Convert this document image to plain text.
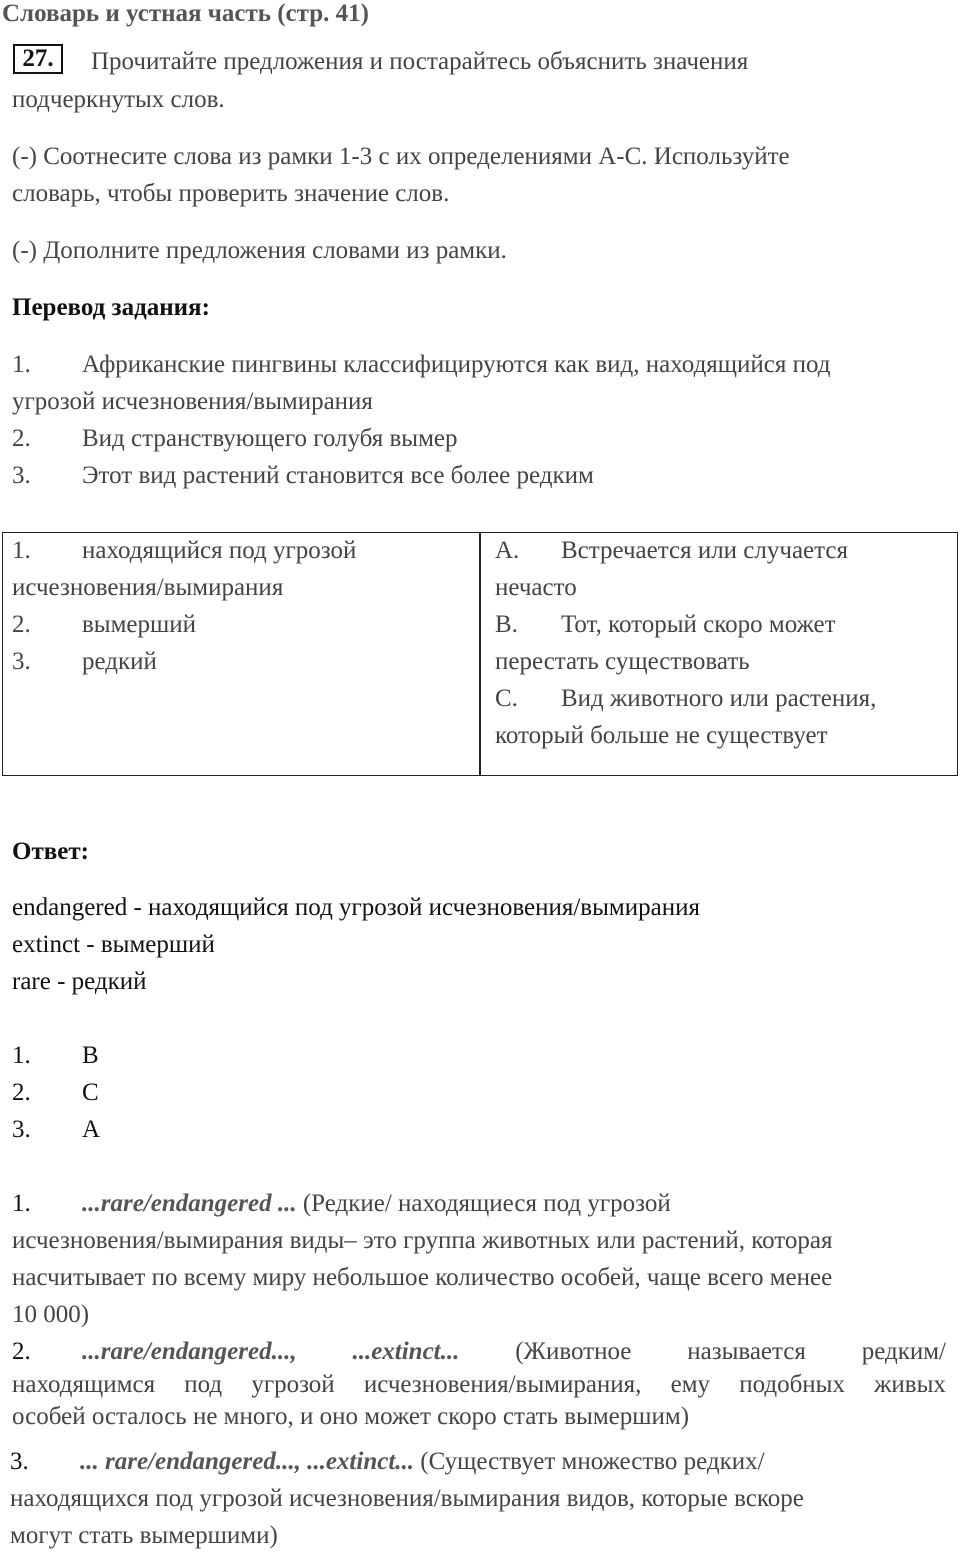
Словарь и устная часть (стр. 41)
27.	Прочитайте предложения и постарайтесь объяснить значения
подчеркнутых слов.
(-) Соотнесите слова из рамки 1-3 с их определениями A-C. Используйте
словарь, чтобы проверить значение слов.
(-) Дополните предложения словами из рамки.
Перевод задания:
1. Африканские пингвины классифицируются как вид, находящийся под
угрозой исчезновения/вымирания
2. Вид странствующего голубя вымер
3. Этот вид растений становится все более редким
1. находящийся под угрозой
исчезновения/вымирания
2. вымерший
3. редкий
A. Встречается или случается
нечасто
B. Тот, который скоро может
перестать существовать
C. Вид животного или растения,
который больше не существует
Ответ:
endangered - находящийся под угрозой исчезновения/вымирания
extinct - вымерший
rare - редкий
1. B
2. C
3. A
1. ...rare/endangered ... (Редкие/ находящиеся под угрозой
исчезновения/вымирания виды– это группа животных или растений, которая
насчитывает по всему миру небольшое количество особей, чаще всего менее
10 000)
2. ...rare/endangered..., ...extinct... (Животное называется редким/
находящимся под угрозой исчезновения/вымирания, ему подобных живых
особей осталось не много, и оно может скоро стать вымершим)
3. ... rare/endangered..., ...extinct... (Существует множество редких/
находящихся под угрозой исчезновения/вымирания видов, которые вскоре
могут стать вымершими)
